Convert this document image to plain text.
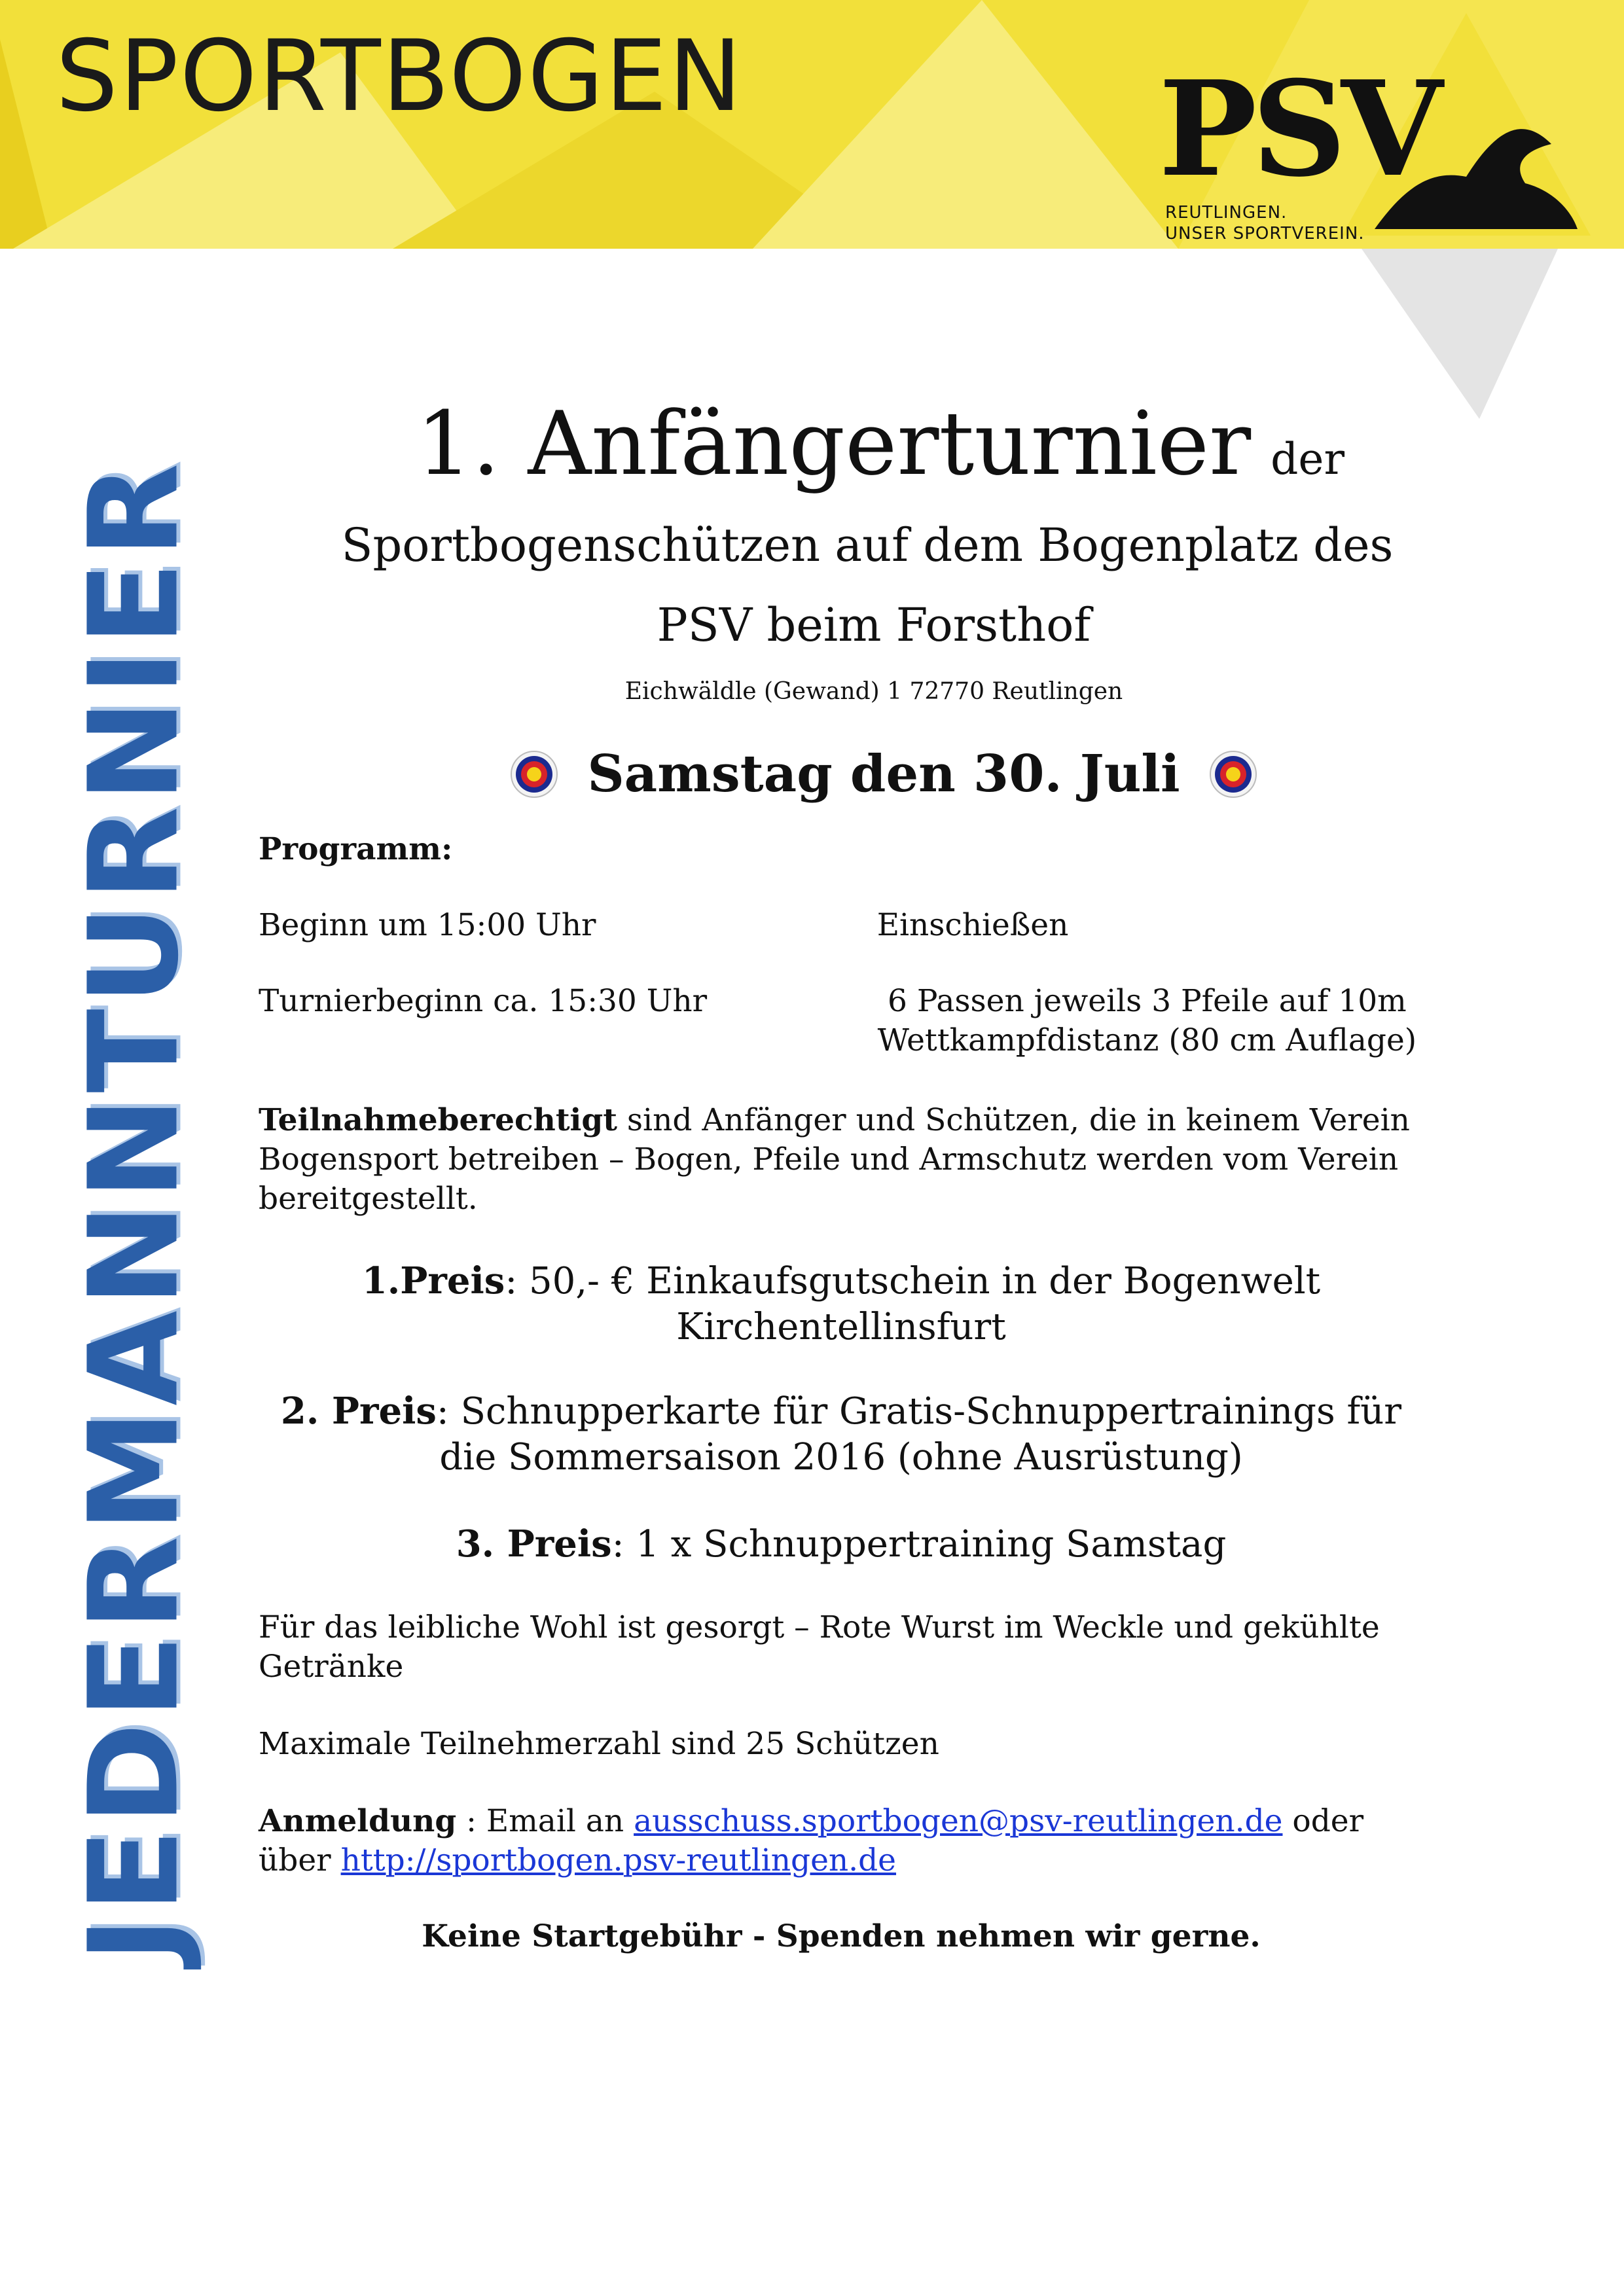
SPORTBOGEN	PSV
REUTLINGEN.
UNSER SPORTVEREIN.
JEDERMANNTURNIER
1. Anfängerturnier der
Sportbogenschützen auf dem Bogenplatz des
PSV beim Forsthof
Eichwäldle (Gewand) 1 72770 Reutlingen
Samstag den 30. Juli
Programm:
Beginn um 15:00 Uhr	Einschießen
Turnierbeginn ca. 15:30 Uhr	6 Passen jeweils 3 Pfeile auf 10m
Wettkampfdistanz (80 cm Auflage)
Teilnahmeberechtigt sind Anfänger und Schützen, die in keinem Verein Bogensport betreiben – Bogen, Pfeile und Armschutz werden vom Verein bereitgestellt.
1.Preis: 50,- € Einkaufsgutschein in der Bogenwelt
Kirchentellinsfurt
2. Preis: Schnupperkarte für Gratis-Schnuppertrainings für
die Sommersaison 2016 (ohne Ausrüstung)
3. Preis: 1 x Schnuppertraining Samstag
Für das leibliche Wohl ist gesorgt – Rote Wurst im Weckle und gekühlte Getränke
Maximale Teilnehmerzahl sind 25 Schützen
Anmeldung : Email an ausschuss.sportbogen@psv-reutlingen.de oder über http://sportbogen.psv-reutlingen.de
Keine Startgebühr - Spenden nehmen wir gerne.
